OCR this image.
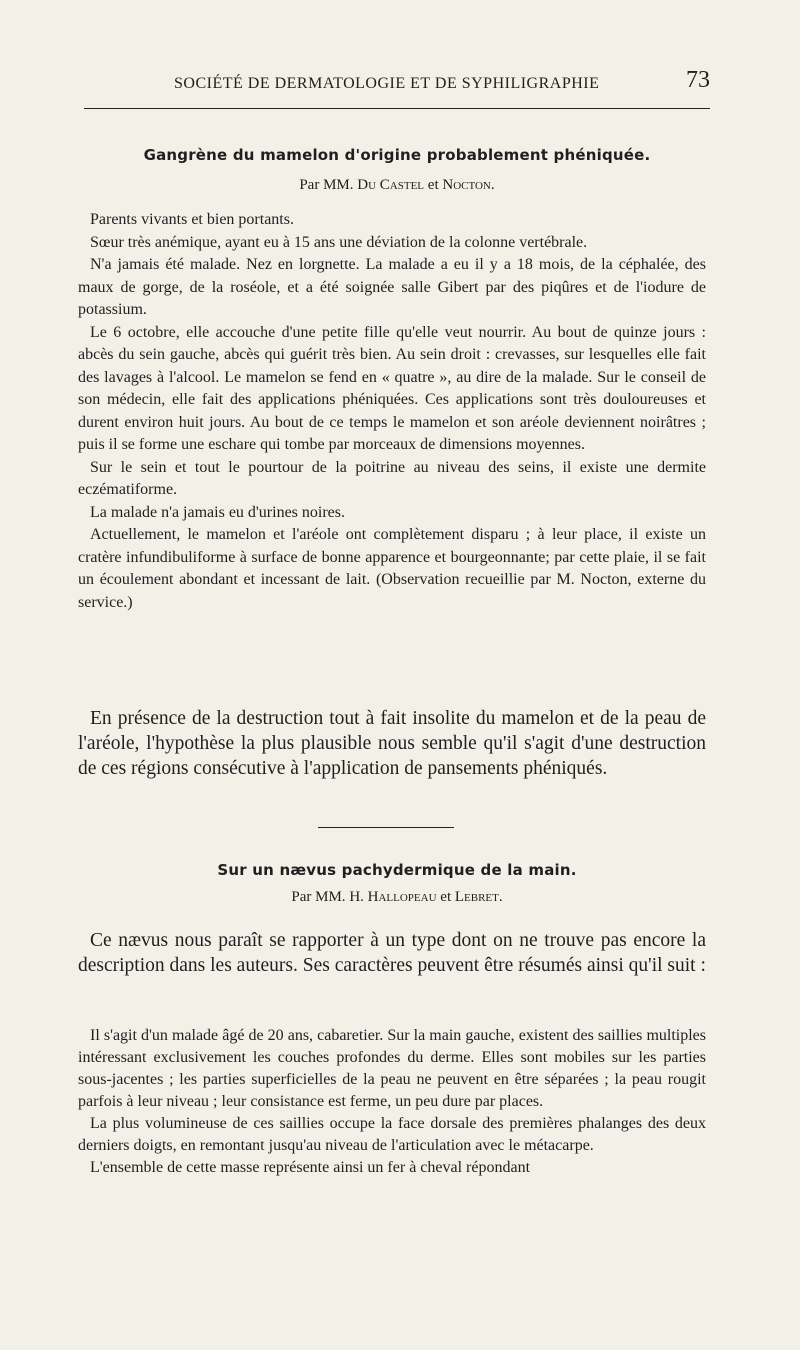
SOCIÉTÉ DE DERMATOLOGIE ET DE SYPHILIGRAPHIE	73
Gangrène du mamelon d'origine probablement phéniquée.
Par MM. Du Castel et Nocton.

Parents vivants et bien portants.

Sœur très anémique, ayant eu à 15 ans une déviation de la colonne vertébrale.

N'a jamais été malade. Nez en lorgnette. La malade a eu il y a 18 mois, de la céphalée, des maux de gorge, de la roséole, et a été soignée salle Gibert par des piqûres et de l'iodure de potassium.

Le 6 octobre, elle accouche d'une petite fille qu'elle veut nourrir. Au bout de quinze jours : abcès du sein gauche, abcès qui guérit très bien. Au sein droit : crevasses, sur lesquelles elle fait des lavages à l'alcool. Le mamelon se fend en « quatre », au dire de la malade. Sur le conseil de son médecin, elle fait des applications phéniquées. Ces applications sont très douloureuses et durent environ huit jours. Au bout de ce temps le mamelon et son aréole deviennent noirâtres ; puis il se forme une eschare qui tombe par morceaux de dimensions moyennes.

Sur le sein et tout le pourtour de la poitrine au niveau des seins, il existe une dermite eczématiforme.

La malade n'a jamais eu d'urines noires.

Actuellement, le mamelon et l'aréole ont complètement disparu ; à leur place, il existe un cratère infundibuliforme à surface de bonne apparence et bourgeonnante; par cette plaie, il se fait un écoulement abondant et incessant de lait. (Observation recueillie par M. Nocton, externe du service.)

En présence de la destruction tout à fait insolite du mamelon et de la peau de l'aréole, l'hypothèse la plus plausible nous semble qu'il s'agit d'une destruction de ces régions consécutive à l'application de pansements phéniqués.

Sur un nævus pachydermique de la main.
Par MM. H. Hallopeau et Lebret.

Ce nævus nous paraît se rapporter à un type dont on ne trouve pas encore la description dans les auteurs. Ses caractères peuvent être résumés ainsi qu'il suit :

Il s'agit d'un malade âgé de 20 ans, cabaretier. Sur la main gauche, existent des saillies multiples intéressant exclusivement les couches profondes du derme. Elles sont mobiles sur les parties sous-jacentes ; les parties superficielles de la peau ne peuvent en être séparées ; la peau rougit parfois à leur niveau ; leur consistance est ferme, un peu dure par places.

La plus volumineuse de ces saillies occupe la face dorsale des premières phalanges des deux derniers doigts, en remontant jusqu'au niveau de l'articulation avec le métacarpe.

L'ensemble de cette masse représente ainsi un fer à cheval répondant
